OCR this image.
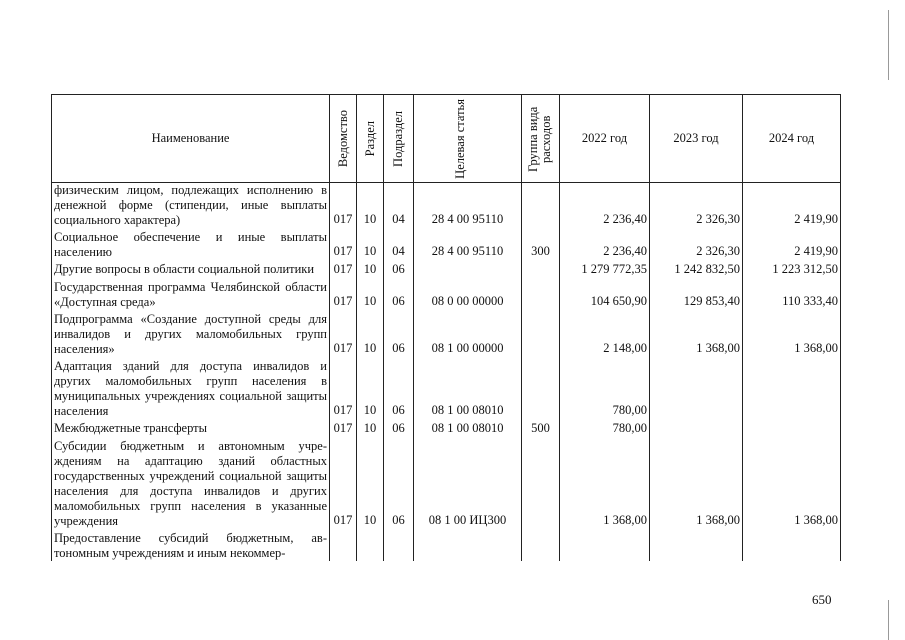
Наименование	Ведомство	Раздел	Подраздел	Целевая статья	Группа вида расходов	2022 год	2023 год	2024 год
физическим лицом, подлежащих исполнению в денежной форме (стипендии, иные выплаты социального характера)	017	10	04	28 4 00 95110		2 236,40	2 326,30	2 419,90
Социальное обеспечение и иные выплаты населению	017	10	04	28 4 00 95110	300	2 236,40	2 326,30	2 419,90
Другие вопросы в области социальной политики	017	10	06			1 279 772,35	1 242 832,50	1 223 312,50
Государственная программа Челябинской области «Доступная среда»	017	10	06	08 0 00 00000		104 650,90	129 853,40	110 333,40
Подпрограмма «Создание доступной среды для инвалидов и других маломобильных групп населения»	017	10	06	08 1 00 00000		2 148,00	1 368,00	1 368,00
Адаптация зданий для доступа инвалидов и других маломобильных групп населения в муниципальных учреждениях социальной защиты населения	017	10	06	08 1 00 08010		780,00		
Межбюджетные трансферты	017	10	06	08 1 00 08010	500	780,00		
Субсидии бюджетным и автономным учреждениям на адаптацию зданий областных государственных учреждений социальной защиты населения для доступа инвалидов и других маломобильных групп населения в указанные учреждения	017	10	06	08 1 00 ИЦ300		1 368,00	1 368,00	1 368,00
Предоставление субсидий бюджетным, автономным учреждениям и иным некоммер-								
650
